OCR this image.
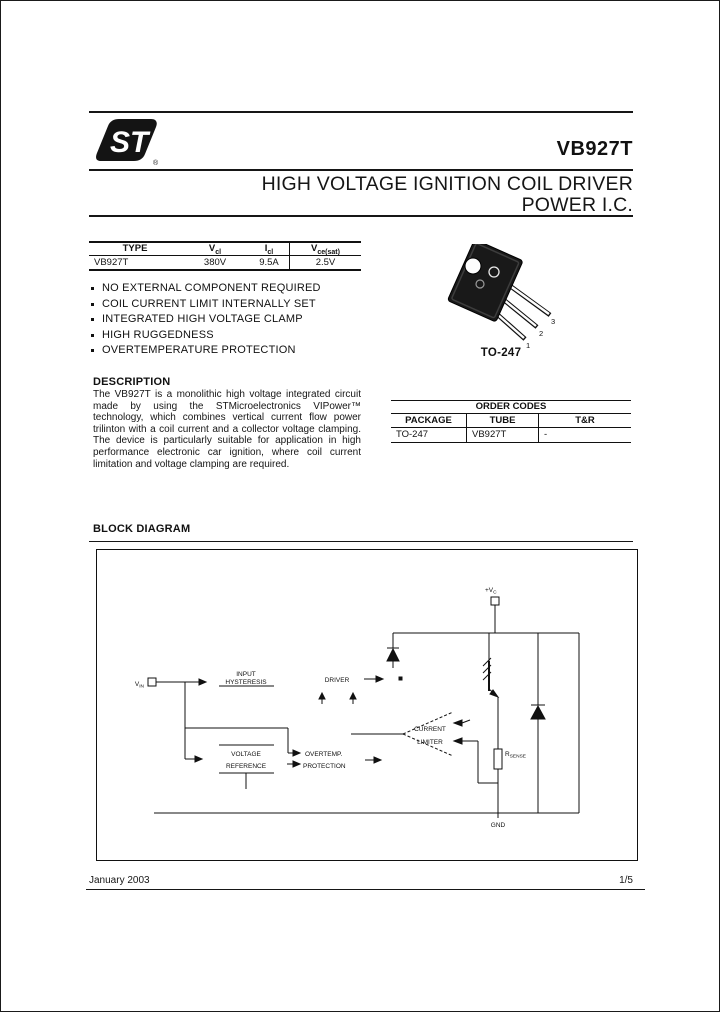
ST
®
VB927T
HIGH VOLTAGE IGNITION COIL DRIVER
POWER I.C.
TYPE	$V_{cl}$	$I_{cl}$	$V_{ce(sat)}$
VB927T	380V	9.5A	2.5V
NO EXTERNAL COMPONENT REQUIRED
COIL CURRENT LIMIT INTERNALLY SET
INTEGRATED HIGH VOLTAGE CLAMP
HIGH RUGGEDNESS
OVERTEMPERATURE PROTECTION
DESCRIPTION
The VB927T is a monolithic high voltage integrated circuit made by using the STMicroelectronics VIPower™ technology, which combines vertical current flow power trilinton with a coil current and a collector voltage clamping. The device is particularly suitable for application in high performance electronic car ignition, where coil current limitation and voltage clamping are required.
1
2
3
TO-247
ORDER CODES
PACKAGE	TUBE	T&R
TO-247	VB927T	-
BLOCK DIAGRAM
$+V_C$
$V_{IN}$
INPUT
HYSTERESIS	DRIVER
VOLTAGE
REFERENCE
OVERTEMP.
PROTECTION
CURRENT
LIMITER
$R_{SENSE}$
GND
January 2003	1/5
